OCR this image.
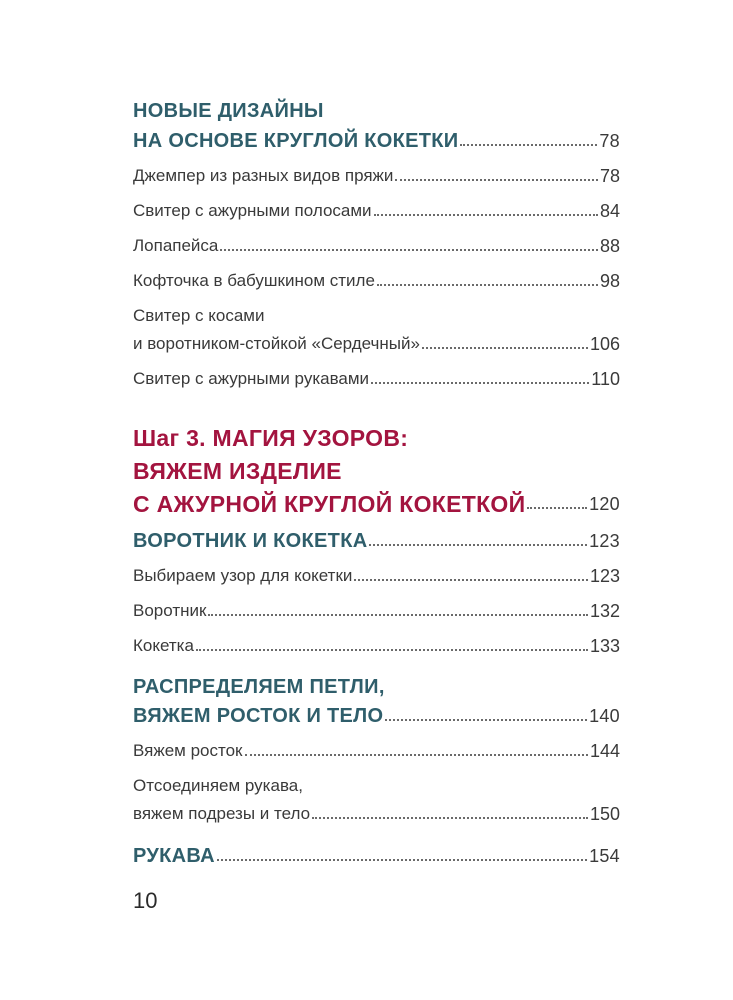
НОВЫЕ ДИЗАЙНЫ
НА ОСНОВЕ КРУГЛОЙ КОКЕТКИ	78
Джемпер из разных видов пряжи	78
Свитер с ажурными полосами	84
Лопапейса	88
Кофточка в бабушкином стиле	98
Свитер с косами
и воротником-стойкой «Сердечный»	106
Свитер с ажурными рукавами	110
Шаг 3. МАГИЯ УЗОРОВ:
ВЯЖЕМ ИЗДЕЛИЕ
С АЖУРНОЙ КРУГЛОЙ КОКЕТКОЙ	120
ВОРОТНИК И КОКЕТКА	123
Выбираем узор для кокетки	123
Воротник	132
Кокетка	133
РАСПРЕДЕЛЯЕМ ПЕТЛИ,
ВЯЖЕМ РОСТОК И ТЕЛО	140
Вяжем росток	144
Отсоединяем рукава,
вяжем подрезы и тело	150
РУКАВА	154
10
